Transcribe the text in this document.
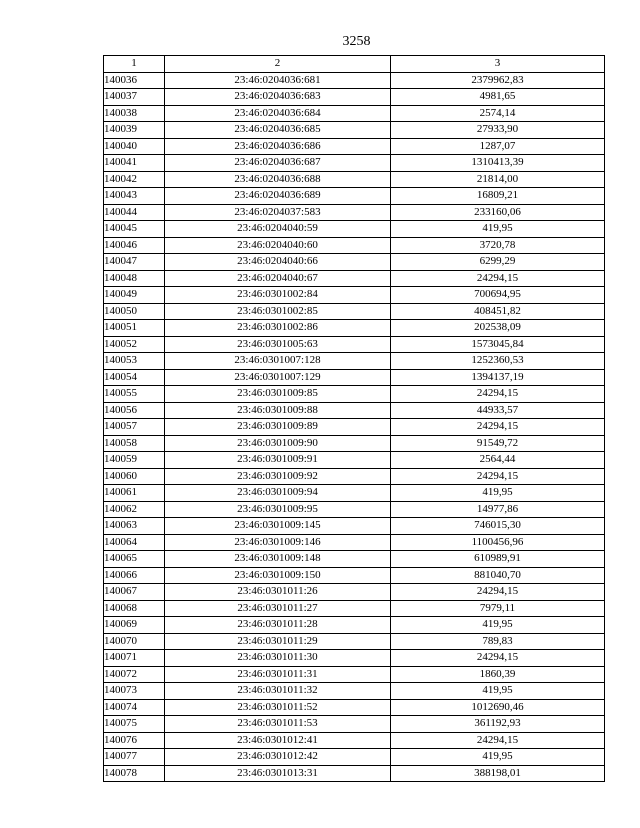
3258
1	2	3
140036	23:46:0204036:681	2379962,83
140037	23:46:0204036:683	4981,65
140038	23:46:0204036:684	2574,14
140039	23:46:0204036:685	27933,90
140040	23:46:0204036:686	1287,07
140041	23:46:0204036:687	1310413,39
140042	23:46:0204036:688	21814,00
140043	23:46:0204036:689	16809,21
140044	23:46:0204037:583	233160,06
140045	23:46:0204040:59	419,95
140046	23:46:0204040:60	3720,78
140047	23:46:0204040:66	6299,29
140048	23:46:0204040:67	24294,15
140049	23:46:0301002:84	700694,95
140050	23:46:0301002:85	408451,82
140051	23:46:0301002:86	202538,09
140052	23:46:0301005:63	1573045,84
140053	23:46:0301007:128	1252360,53
140054	23:46:0301007:129	1394137,19
140055	23:46:0301009:85	24294,15
140056	23:46:0301009:88	44933,57
140057	23:46:0301009:89	24294,15
140058	23:46:0301009:90	91549,72
140059	23:46:0301009:91	2564,44
140060	23:46:0301009:92	24294,15
140061	23:46:0301009:94	419,95
140062	23:46:0301009:95	14977,86
140063	23:46:0301009:145	746015,30
140064	23:46:0301009:146	1100456,96
140065	23:46:0301009:148	610989,91
140066	23:46:0301009:150	881040,70
140067	23:46:0301011:26	24294,15
140068	23:46:0301011:27	7979,11
140069	23:46:0301011:28	419,95
140070	23:46:0301011:29	789,83
140071	23:46:0301011:30	24294,15
140072	23:46:0301011:31	1860,39
140073	23:46:0301011:32	419,95
140074	23:46:0301011:52	1012690,46
140075	23:46:0301011:53	361192,93
140076	23:46:0301012:41	24294,15
140077	23:46:0301012:42	419,95
140078	23:46:0301013:31	388198,01
